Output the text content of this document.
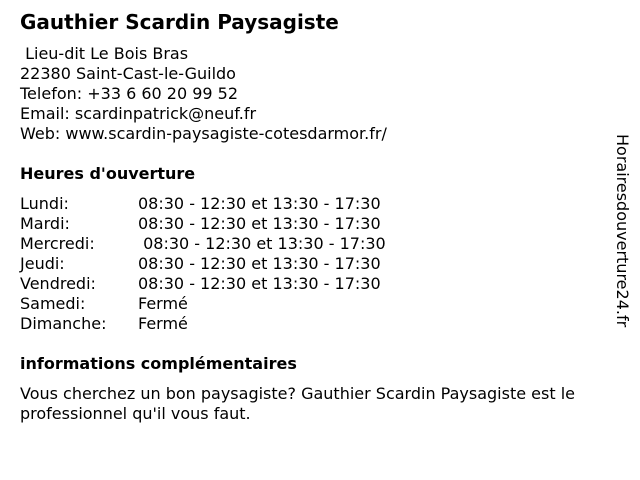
Gauthier Scardin Paysagiste
Lieu-dit Le Bois Bras
22380 Saint-Cast-le-Guildo
Telefon: +33 6 60 20 99 52
Email: scardinpatrick@neuf.fr
Web: www.scardin-paysagiste-cotesdarmor.fr/
Heures d'ouverture
Lundi:	08:30 - 12:30 et 13:30 - 17:30
Mardi:	08:30 - 12:30 et 13:30 - 17:30
Mercredi:	08:30 - 12:30 et 13:30 - 17:30
Jeudi:	08:30 - 12:30 et 13:30 - 17:30
Vendredi:	08:30 - 12:30 et 13:30 - 17:30
Samedi:	Fermé
Dimanche:	Fermé
informations complémentaires

Vous cherchez un bon paysagiste? Gauthier Scardin Paysagiste est le professionnel qu'il vous faut.

Horairesdouverture24.fr
